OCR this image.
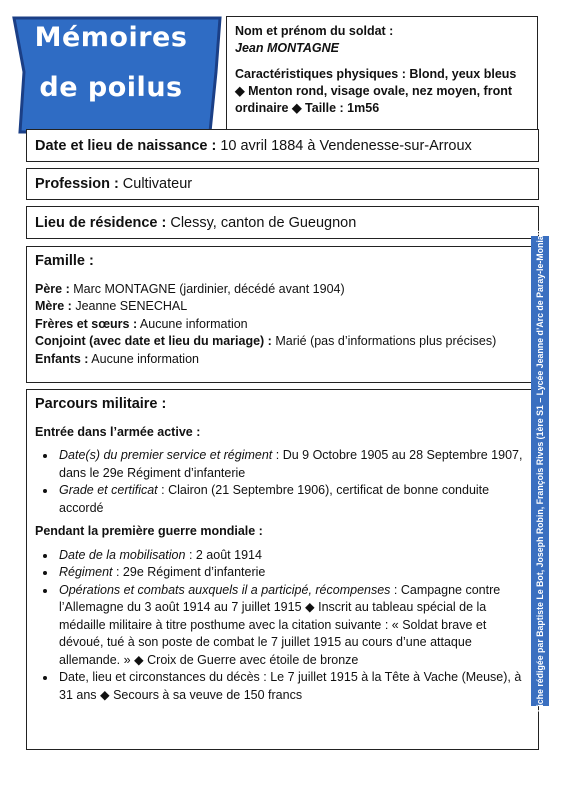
Mémoires
de poilus
Nom et prénom du soldat :
Jean MONTAGNE
Caractéristiques physiques : Blond, yeux bleus ◆ Menton rond, visage ovale, nez moyen, front ordinaire ◆ Taille : 1m56
Date et lieu de naissance : 10 avril 1884 à Vendenesse-sur-Arroux
Profession : Cultivateur
Lieu de résidence : Clessy, canton de Gueugnon
Famille :
Père : Marc MONTAGNE (jardinier, décédé avant 1904)
Mère : Jeanne SENECHAL
Frères et sœurs : Aucune information
Conjoint (avec date et lieu du mariage) : Marié (pas d’informations plus précises)
Enfants : Aucune information
Parcours militaire :
Entrée dans l’armée active :
• Date(s) du premier service et régiment : Du 9 Octobre 1905 au 28 Septembre 1907, dans le 29e Régiment d’infanterie
• Grade et certificat : Clairon (21 Septembre 1906), certificat de bonne conduite accordé
Pendant la première guerre mondiale :
• Date de la mobilisation : 2 août 1914
• Régiment : 29e Régiment d’infanterie
• Opérations et combats auxquels il a participé, récompenses : Campagne contre l’Allemagne du 3 août 1914 au 7 juillet 1915 ◆ Inscrit au tableau spécial de la médaille militaire à titre posthume avec la citation suivante : « Soldat brave et dévoué, tué à son poste de combat le 7 juillet 1915 au cours d’une attaque allemande. » ◆ Croix de Guerre avec étoile de bronze
• Date, lieu et circonstances du décès : Le 7 juillet 1915 à la Tête à Vache (Meuse), à 31 ans ◆ Secours à sa veuve de 150 francs	Fiche rédigée par Baptiste Le Bot, Joseph Robin, François Rives (1ère S1 – Lycée Jeanne d’Arc de Paray-le-Monial)
